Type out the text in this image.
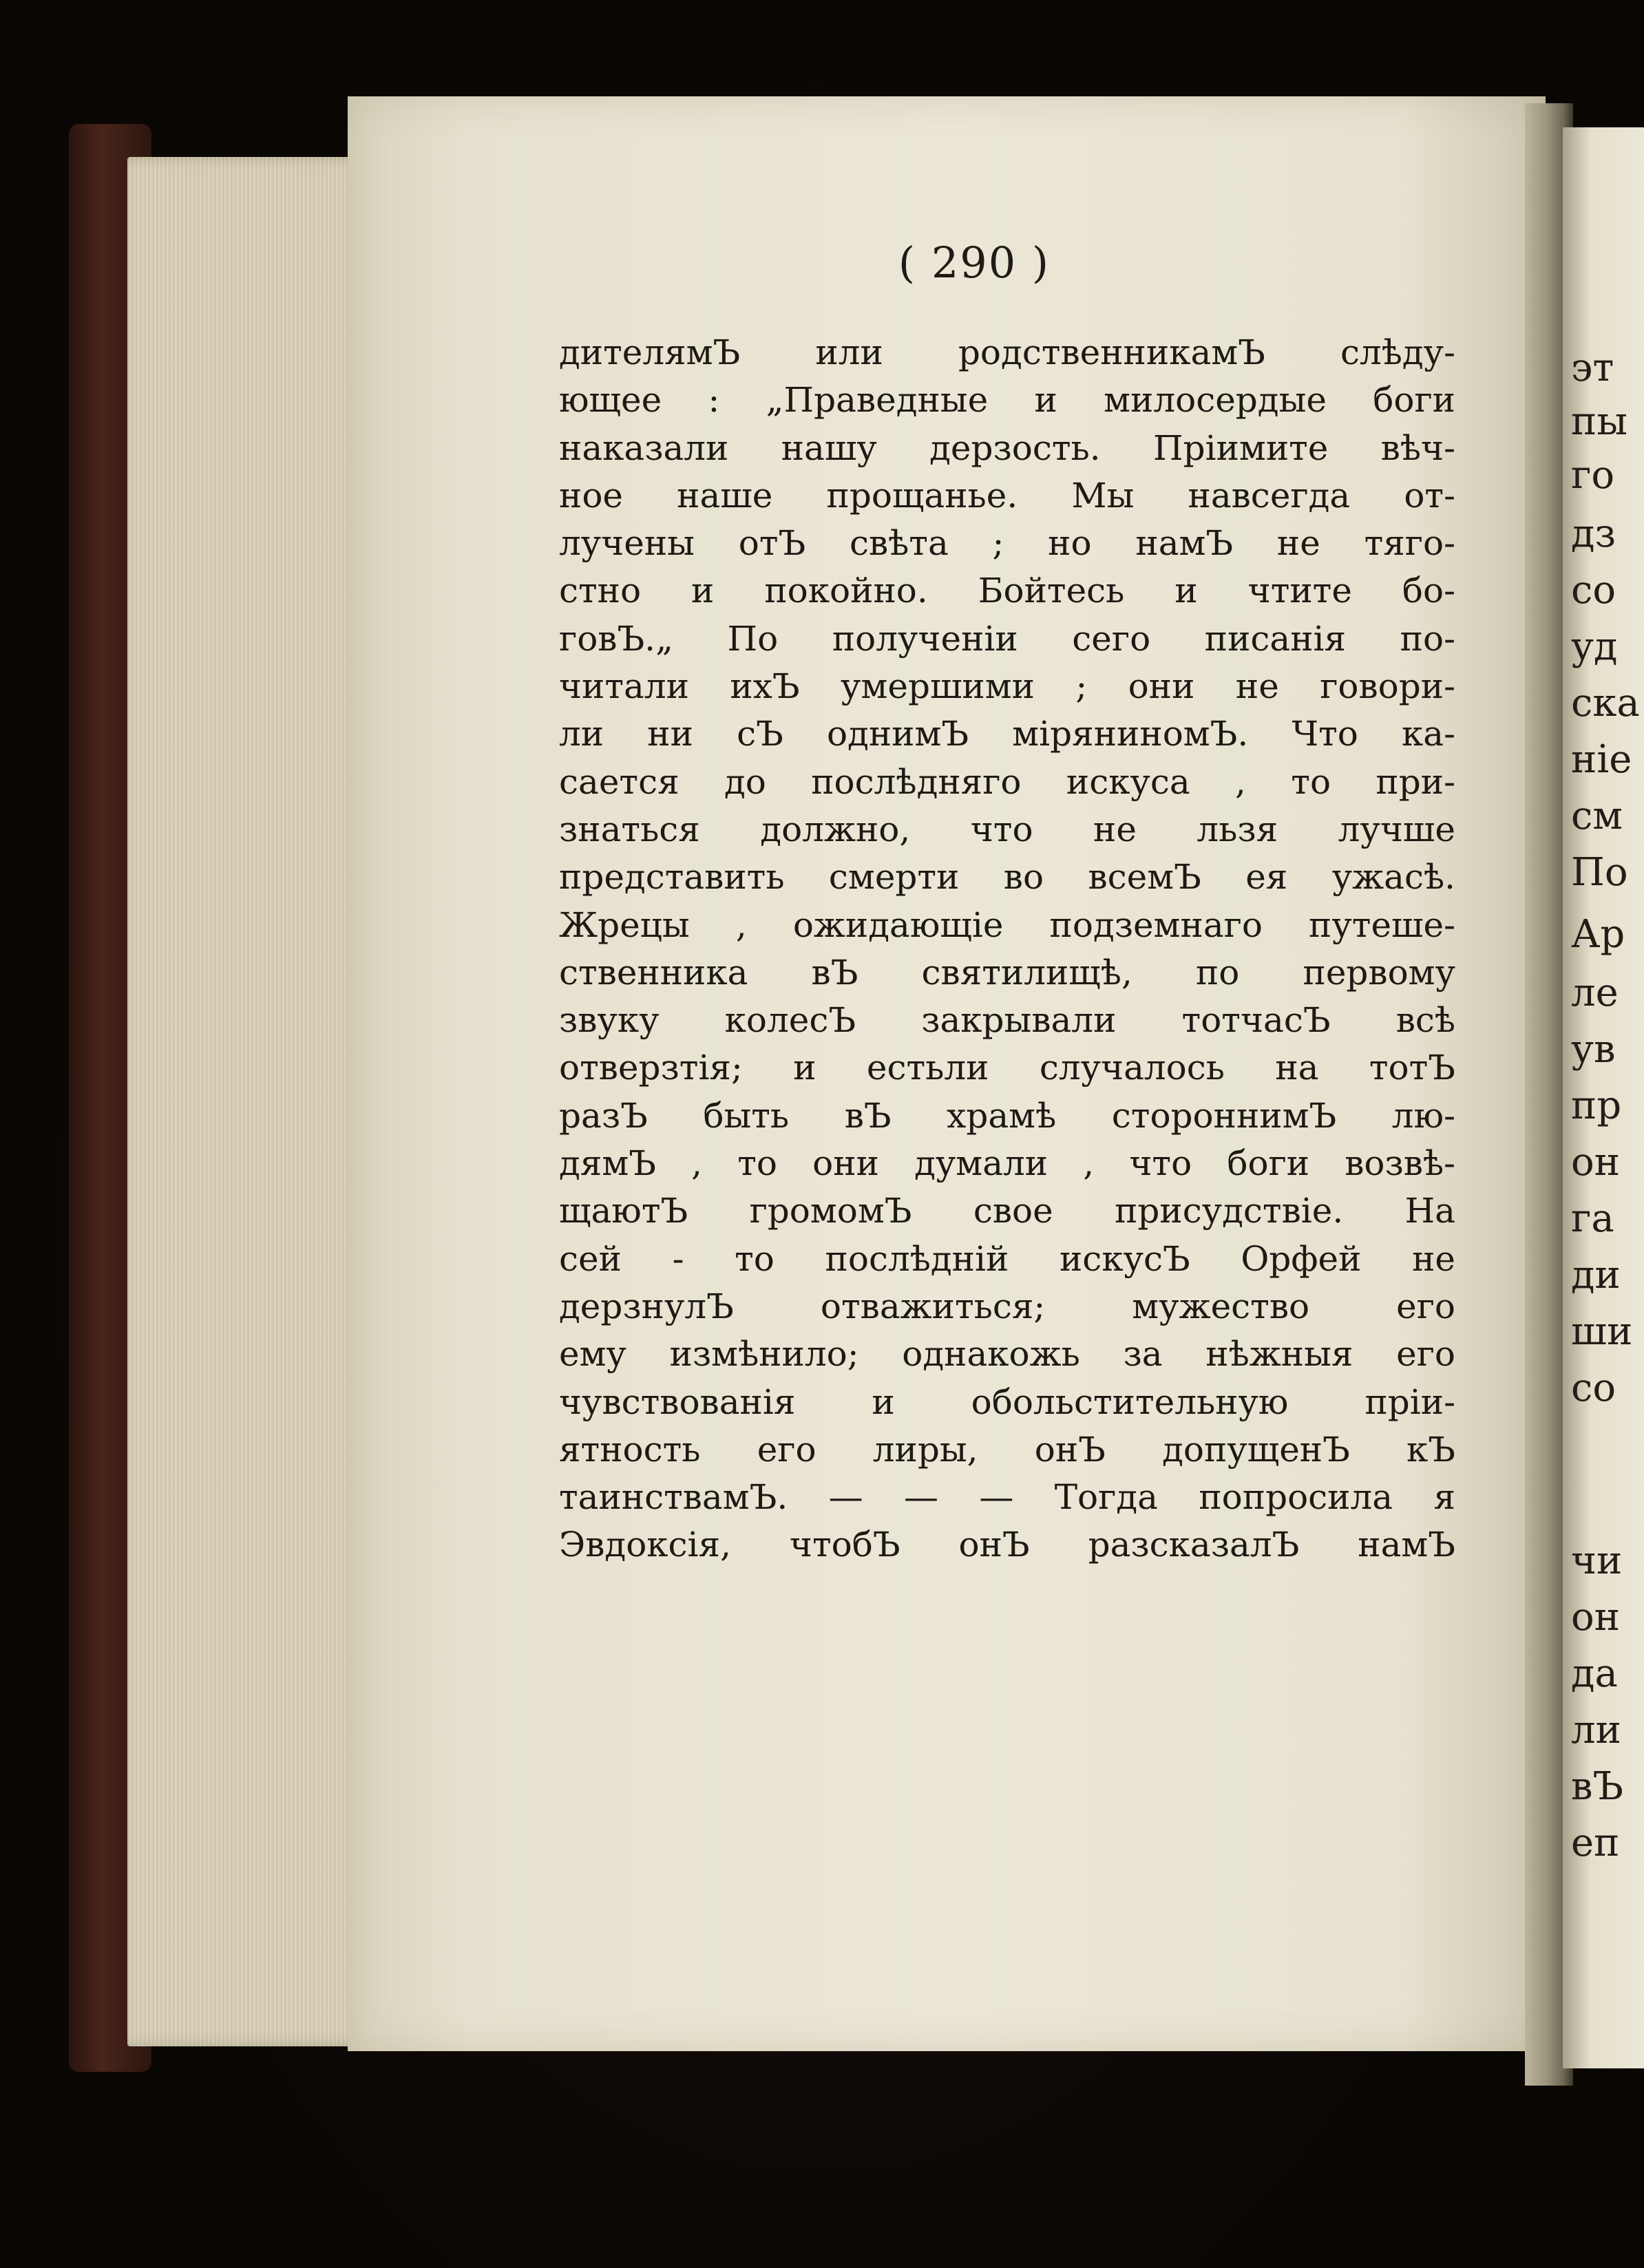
( 290 )
дителямЪ или родственникамЪ слѣду-
ющее : „Праведные и милосердые боги
наказали нашу дерзость. Пріимите вѣч-
ное наше прощанье. Мы навсегда от-
лучены отЪ свѣта ; но намЪ не тяго-
стно и покойно. Бойтесь и чтите бо-
говЪ.„ По полученіи сего писанія по-
читали ихЪ умершими ; они не говори-
ли ни сЪ однимЪ міряниномЪ. Что ка-
сается до послѣдняго искуса , то при-
знаться должно, что не льзя лучше
представить смерти во всемЪ ея ужасѣ.
Жрецы , ожидающіе подземнаго путеше-
ственника вЪ святилищѣ, по первому
звуку колесЪ закрывали тотчасЪ всѣ
отверзтія; и естьли случалось на тотЪ
разЪ быть вЪ храмѣ стороннимЪ лю-
дямЪ , то они думали , что боги возвѣ-
щаютЪ громомЪ свое присудствіе. На
сей - то послѣдній искусЪ Орфей не
дерзнулЪ отважиться; мужество его
ему измѣнило; однакожь за нѣжныя его
чувствованія и обольстительную пріи-
ятность его лиры, онЪ допущенЪ кЪ
таинствамЪ. — — — Тогда попросила я
Эвдоксія, чтобЪ онЪ разсказалЪ намЪ
эт
пы
го
дз
со
уд
ска
ніе
см
По
Ар
ле
ув
пр
он
га
ди
ши
со
чи
он
да
ли
вЪ
еп
